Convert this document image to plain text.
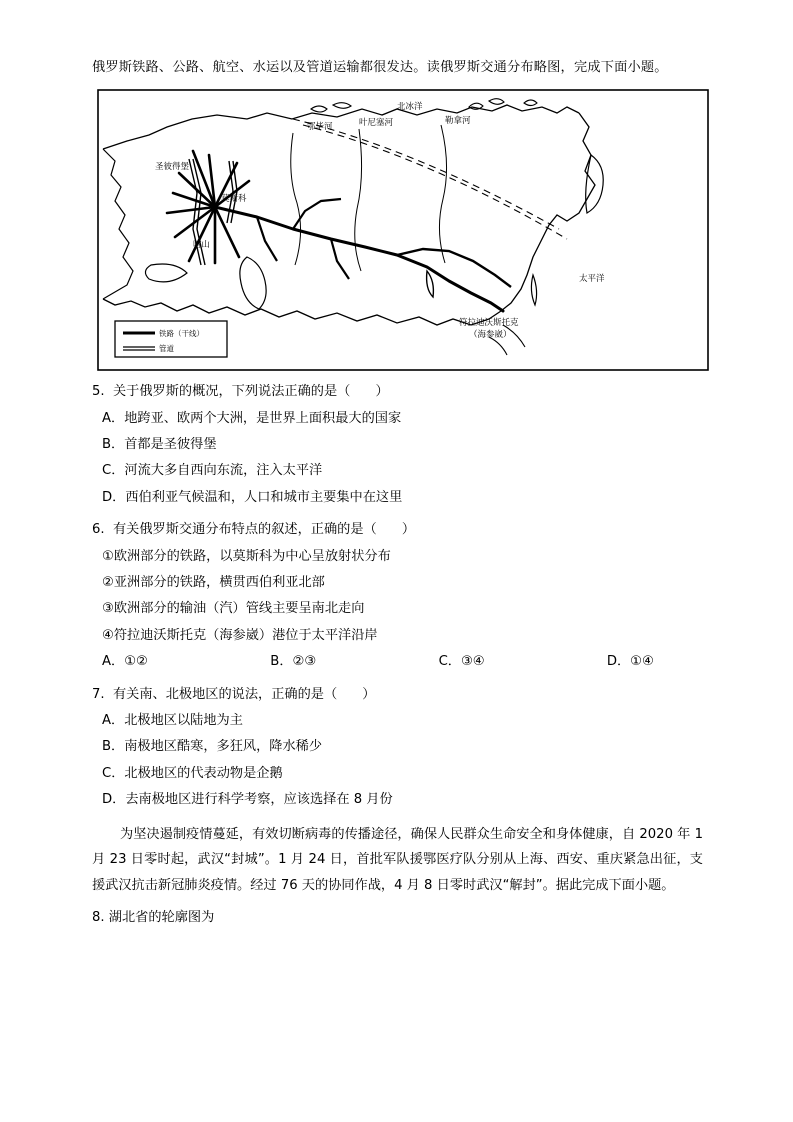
俄罗斯铁路、公路、航空、水运以及管道运输都很发达。读俄罗斯交通分布略图，完成下面小题。

圣彼得堡
莫斯科
喀山
鄂毕河	叶尼塞河	勒拿河
北冰洋
符拉迪沃斯托克
（海参崴）
太平洋
铁路（干线）
管道

5.  关于俄罗斯的概况，下列说法正确的是（      ）

A．地跨亚、欧两个大洲，是世界上面积最大的国家

B．首都是圣彼得堡

C．河流大多自西向东流，注入太平洋

D．西伯利亚气候温和，人口和城市主要集中在这里

6.  有关俄罗斯交通分布特点的叙述，正确的是（      ）

①欧洲部分的铁路，以莫斯科为中心呈放射状分布

②亚洲部分的铁路，横贯西伯利亚北部

③欧洲部分的输油（汽）管线主要呈南北走向

④符拉迪沃斯托克（海参崴）港位于太平洋沿岸

A．①②	B．②③	C．③④	D．①④

7.  有关南、北极地区的说法，正确的是（      ）

A．北极地区以陆地为主

B．南极地区酷寒，多狂风，降水稀少

C．北极地区的代表动物是企鹅

D．去南极地区进行科学考察，应该选择在 8 月份

为坚决遏制疫情蔓延，有效切断病毒的传播途径，确保人民群众生命安全和身体健康，自 2020 年 1 月 23 日零时起，武汉“封城”。1 月 24 日，首批军队援鄂医疗队分别从上海、西安、重庆紧急出征，支援武汉抗击新冠肺炎疫情。经过 76 天的协同作战，4 月 8 日零时武汉“解封”。据此完成下面小题。

8. 湖北省的轮廓图为
